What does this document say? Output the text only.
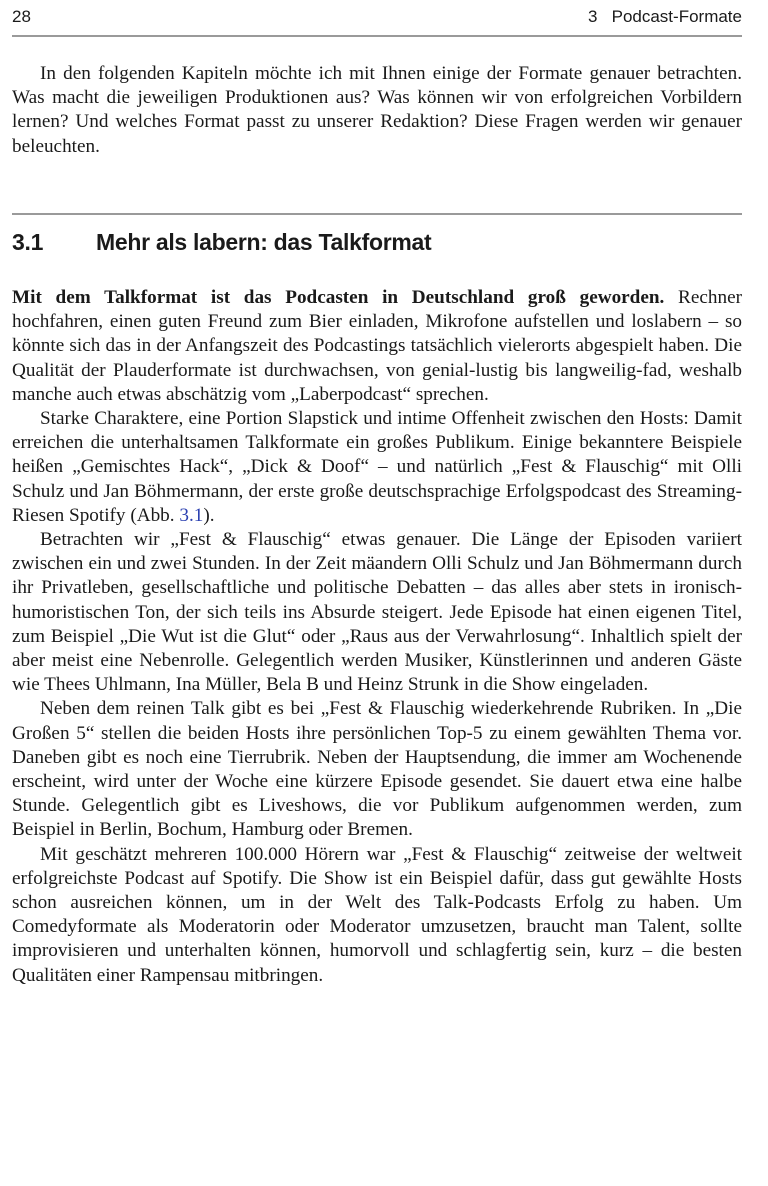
28	3   Podcast-Formate

In den folgenden Kapiteln möchte ich mit Ihnen einige der Formate genauer betrachten. Was macht die jeweiligen Produktionen aus? Was können wir von erfolgreichen Vorbildern lernen? Und welches Format passt zu unserer Redaktion? Diese Fragen werden wir genauer beleuchten.

3.1 Mehr als labern: das Talkformat

Mit dem Talkformat ist das Podcasten in Deutschland groß geworden. Rechner hochfahren, einen guten Freund zum Bier einladen, Mikrofone aufstellen und loslabern – so könnte sich das in der Anfangszeit des Podcastings tatsächlich vielerorts abgespielt haben. Die Qualität der Plauderformate ist durchwachsen, von genial-lustig bis langweilig-fad, weshalb manche auch etwas abschätzig vom „Laberpodcast“ sprechen.

Starke Charaktere, eine Portion Slapstick und intime Offenheit zwischen den Hosts: Damit erreichen die unterhaltsamen Talkformate ein großes Publikum. Einige bekanntere Beispiele heißen „Gemischtes Hack“, „Dick & Doof“ – und natürlich „Fest & Flauschig“ mit Olli Schulz und Jan Böhmermann, der erste große deutschsprachige Erfolgspodcast des Streaming-Riesen Spotify (Abb. 3.1).

Betrachten wir „Fest & Flauschig“ etwas genauer. Die Länge der Episoden variiert zwischen ein und zwei Stunden. In der Zeit mäandern Olli Schulz und Jan Böhmermann durch ihr Privatleben, gesellschaftliche und politische Debatten – das alles aber stets in ironisch-humoristischen Ton, der sich teils ins Absurde steigert. Jede Episode hat einen eigenen Titel, zum Beispiel „Die Wut ist die Glut“ oder „Raus aus der Verwahrlosung“. Inhaltlich spielt der aber meist eine Nebenrolle. Gelegentlich werden Musiker, Künstlerinnen und anderen Gäste wie Thees Uhlmann, Ina Müller, Bela B und Heinz Strunk in die Show eingeladen.

Neben dem reinen Talk gibt es bei „Fest & Flauschig wiederkehrende Rubriken. In „Die Großen 5“ stellen die beiden Hosts ihre persönlichen Top-5 zu einem gewählten Thema vor. Daneben gibt es noch eine Tierrubrik. Neben der Hauptsendung, die immer am Wochenende erscheint, wird unter der Woche eine kürzere Episode gesendet. Sie dauert etwa eine halbe Stunde. Gelegentlich gibt es Liveshows, die vor Publikum aufgenommen werden, zum Beispiel in Berlin, Bochum, Hamburg oder Bremen.

Mit geschätzt mehreren 100.000 Hörern war „Fest & Flauschig“ zeitweise der weltweit erfolgreichste Podcast auf Spotify. Die Show ist ein Beispiel dafür, dass gut gewählte Hosts schon ausreichen können, um in der Welt des Talk-Podcasts Erfolg zu haben. Um Comedyformate als Moderatorin oder Moderator umzusetzen, braucht man Talent, sollte improvisieren und unterhalten können, humorvoll und schlagfertig sein, kurz – die besten Qualitäten einer Rampensau mitbringen.
